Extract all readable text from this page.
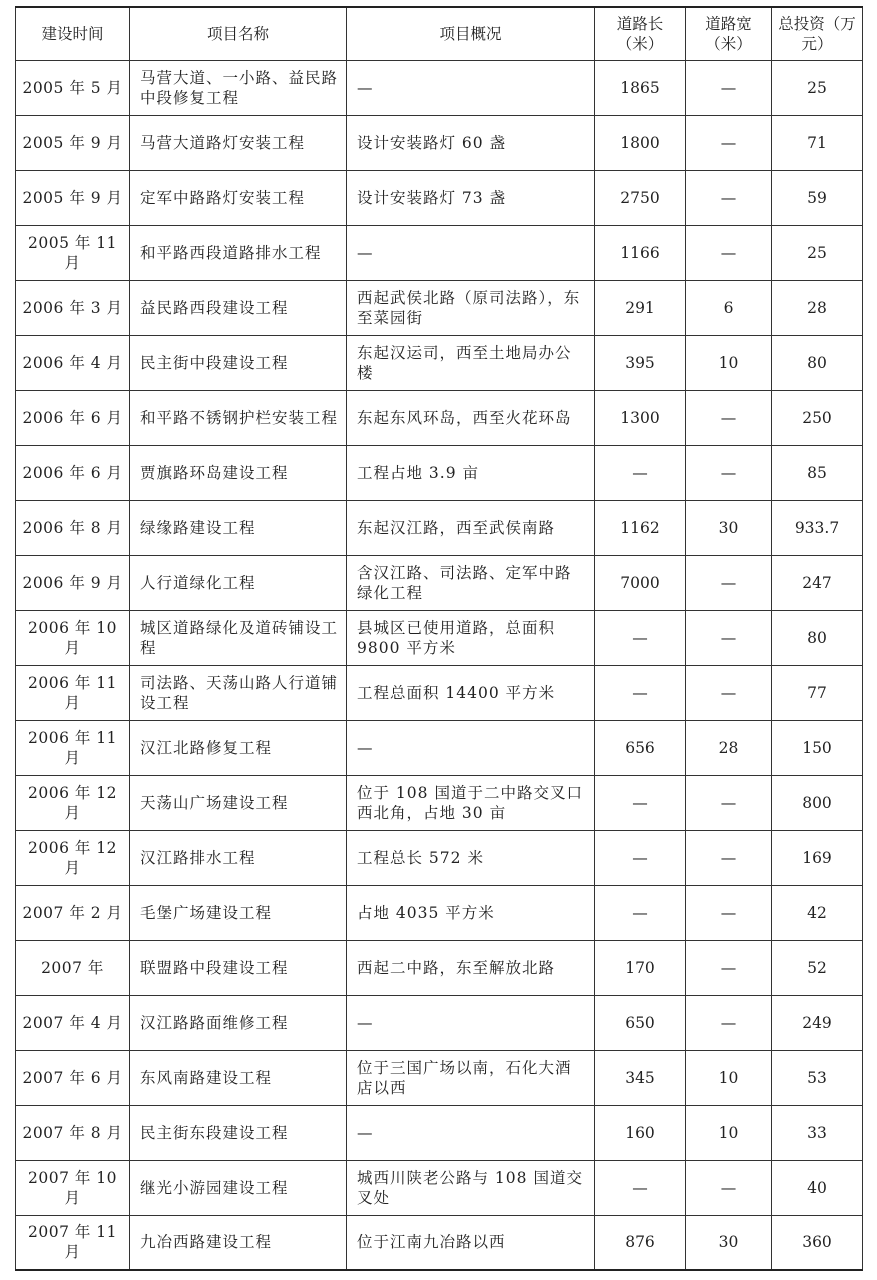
建设时间	项目名称	项目概况	道路长（米）	道路宽（米）	总投资（万元）
2005 年 5 月	马营大道、一小路、益民路中段修复工程	—	1865	—	25
2005 年 9 月	马营大道路灯安装工程	设计安装路灯 60 盏	1800	—	71
2005 年 9 月	定军中路路灯安装工程	设计安装路灯 73 盏	2750	—	59
2005 年 11 月	和平路西段道路排水工程	—	1166	—	25
2006 年 3 月	益民路西段建设工程	西起武侯北路（原司法路），东至菜园街	291	6	28
2006 年 4 月	民主街中段建设工程	东起汉运司，西至土地局办公楼	395	10	80
2006 年 6 月	和平路不锈钢护栏安装工程	东起东风环岛，西至火花环岛	1300	—	250
2006 年 6 月	贾旗路环岛建设工程	工程占地 3.9 亩	—	—	85
2006 年 8 月	绿缘路建设工程	东起汉江路，西至武侯南路	1162	30	933.7
2006 年 9 月	人行道绿化工程	含汉江路、司法路、定军中路绿化工程	7000	—	247
2006 年 10 月	城区道路绿化及道砖铺设工程	县城区已使用道路，总面积 9800 平方米	—	—	80
2006 年 11 月	司法路、天荡山路人行道铺设工程	工程总面积 14400 平方米	—	—	77
2006 年 11 月	汉江北路修复工程	—	656	28	150
2006 年 12 月	天荡山广场建设工程	位于 108 国道于二中路交叉口西北角，占地 30 亩	—	—	800
2006 年 12 月	汉江路排水工程	工程总长 572 米	—	—	169
2007 年 2 月	毛堡广场建设工程	占地 4035 平方米	—	—	42
2007 年	联盟路中段建设工程	西起二中路，东至解放北路	170	—	52
2007 年 4 月	汉江路路面维修工程	—	650	—	249
2007 年 6 月	东风南路建设工程	位于三国广场以南，石化大酒店以西	345	10	53
2007 年 8 月	民主街东段建设工程	—	160	10	33
2007 年 10 月	继光小游园建设工程	城西川陕老公路与 108 国道交叉处	—	—	40
2007 年 11 月	九冶西路建设工程	位于江南九冶路以西	876	30	360
